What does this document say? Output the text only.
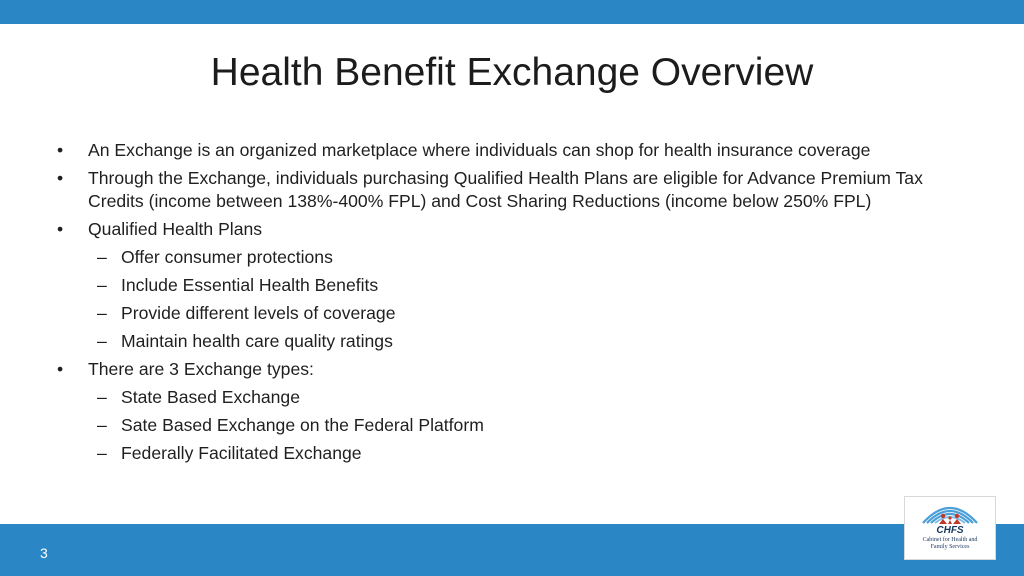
Health Benefit Exchange Overview
• An Exchange is an organized marketplace where individuals can shop for health insurance coverage
• Through the Exchange, individuals purchasing Qualified Health Plans are eligible for Advance Premium Tax Credits (income between 138%-400% FPL) and Cost Sharing Reductions (income below 250% FPL)
• Qualified Health Plans
– Offer consumer protections
– Include Essential Health Benefits
– Provide different levels of coverage
– Maintain health care quality ratings
• There are 3 Exchange types:
– State Based Exchange
– Sate Based Exchange on the Federal Platform
– Federally Facilitated Exchange
3
CHFS
Cabinet for Health and
Family Services
